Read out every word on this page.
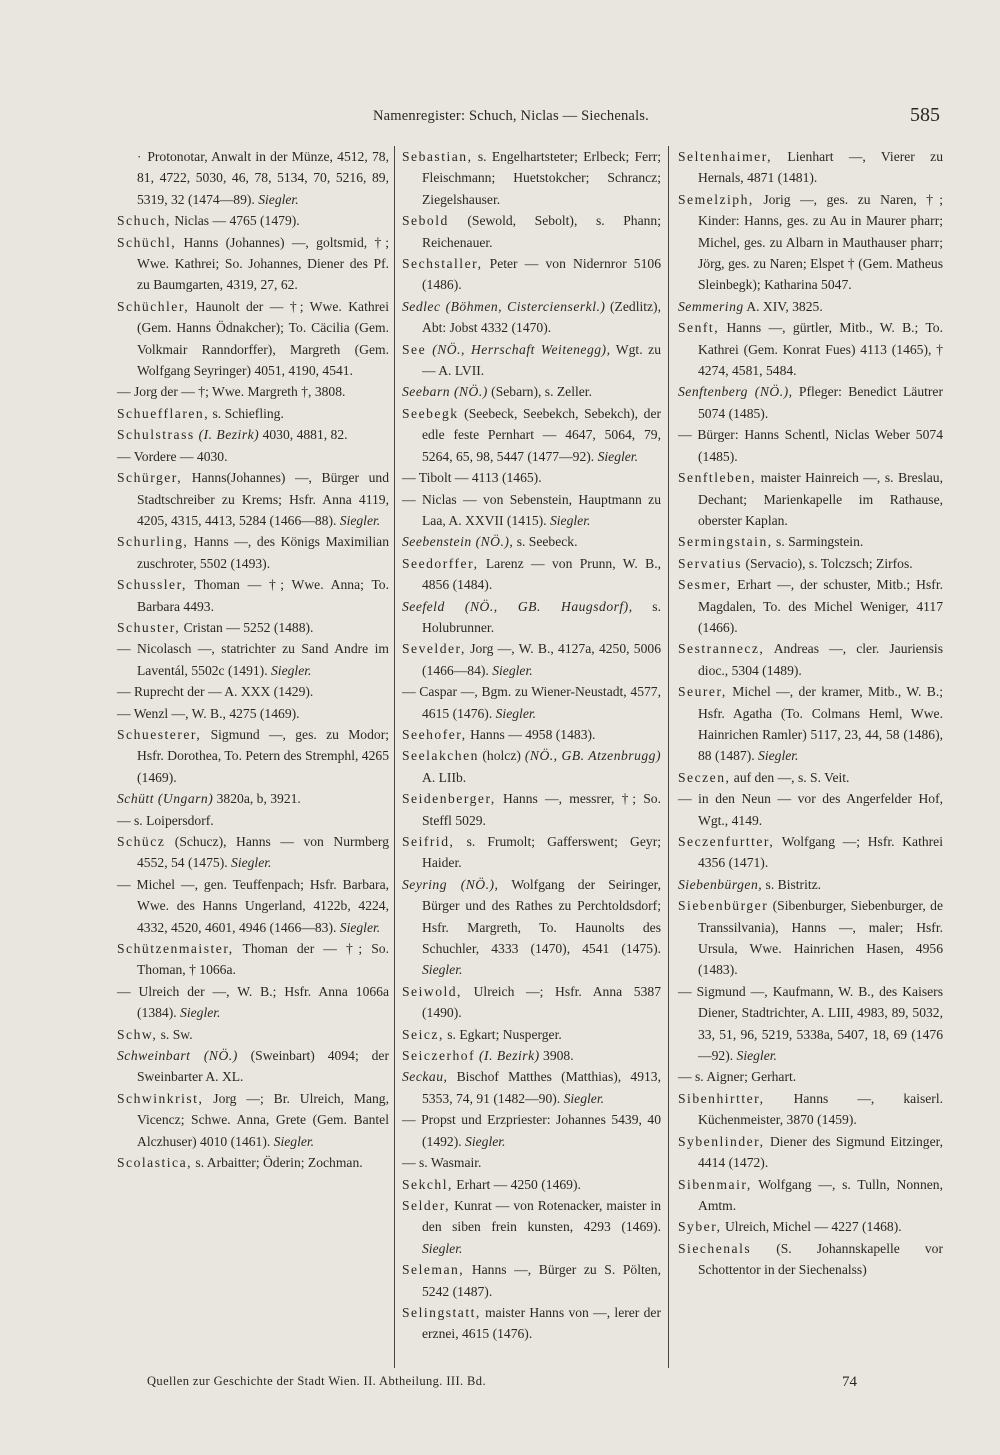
Namenregister: Schuch, Niclas — Siechenals.	585
· Protonotar, Anwalt in der Münze, 4512, 78, 81, 4722, 5030, 46, 78, 5134, 70, 5216, 89, 5319, 32 (1474—89). Siegler.
Schuch, Niclas — 4765 (1479).
Schüchl, Hanns (Johannes) —, goltsmid, †; Wwe. Kathrei; So. Johannes, Diener des Pf. zu Baumgarten, 4319, 27, 62.
Schüchler, Haunolt der — †; Wwe. Kathrei (Gem. Hanns Ödnakcher); To. Cäcilia (Gem. Volkmair Ranndorffer), Margreth (Gem. Wolfgang Seyringer) 4051, 4190, 4541.
— Jorg der — †; Wwe. Margreth †, 3808.
Schuefflaren, s. Schiefling.
Schulstrass (I. Bezirk) 4030, 4881, 82.
— Vordere — 4030.
Schürger, Hanns(Johannes) —, Bürger und Stadtschreiber zu Krems; Hsfr. Anna 4119, 4205, 4315, 4413, 5284 (1466—88). Siegler.
Schurling, Hanns —, des Königs Maximilian zuschroter, 5502 (1493).
Schussler, Thoman — †; Wwe. Anna; To. Barbara 4493.
Schuster, Cristan — 5252 (1488).
— Nicolasch —, statrichter zu Sand Andre im Laventál, 5502c (1491). Siegler.
— Ruprecht der — A. XXX (1429).
— Wenzl —, W. B., 4275 (1469).
Schuesterer, Sigmund —, ges. zu Modor; Hsfr. Dorothea, To. Petern des Stremphl, 4265 (1469).
Schütt (Ungarn) 3820a, b, 3921.
— s. Loipersdorf.
Schücz (Schucz), Hanns — von Nurmberg 4552, 54 (1475). Siegler.
— Michel —, gen. Teuffenpach; Hsfr. Barbara, Wwe. des Hanns Ungerland, 4122b, 4224, 4332, 4520, 4601, 4946 (1466—83). Siegler.
Schützenmaister, Thoman der — †; So. Thoman, † 1066a.
— Ulreich der —, W. B.; Hsfr. Anna 1066a (1384). Siegler.
Schw, s. Sw.
Schweinbart (NÖ.) (Sweinbart) 4094; der Sweinbarter A. XL.
Schwinkrist, Jorg —; Br. Ulreich, Mang, Vicencz; Schwe. Anna, Grete (Gem. Bantel Alczhuser) 4010 (1461). Siegler.
Scolastica, s. Arbaitter; Öderin; Zochman.
Sebastian, s. Engelhartsteter; Erlbeck; Ferr; Fleischmann; Huetstokcher; Schrancz; Ziegelshauser.
Sebold (Sewold, Sebolt), s. Phann; Reichenauer.
Sechstaller, Peter — von Nidernror 5106 (1486).
Sedlec (Böhmen, Cistercienserkl.) (Zedlitz), Abt: Jobst 4332 (1470).
See (NÖ., Herrschaft Weitenegg), Wgt. zu — A. LVII.
Seebarn (NÖ.) (Sebarn), s. Zeller.
Seebegk (Seebeck, Seebekch, Sebekch), der edle feste Pernhart — 4647, 5064, 79, 5264, 65, 98, 5447 (1477—92). Siegler.
— Tibolt — 4113 (1465).
— Niclas — von Sebenstein, Hauptmann zu Laa, A. XXVII (1415). Siegler.
Seebenstein (NÖ.), s. Seebeck.
Seedorffer, Larenz — von Prunn, W. B., 4856 (1484).
Seefeld (NÖ., GB. Haugsdorf), s. Holubrunner.
Sevelder, Jorg —, W. B., 4127a, 4250, 5006 (1466—84). Siegler.
— Caspar —, Bgm. zu Wiener-Neustadt, 4577, 4615 (1476). Siegler.
Seehofer, Hanns — 4958 (1483).
Seelakchen (holcz) (NÖ., GB. Atzenbrugg) A. LIIb.
Seidenberger, Hanns —, messrer, †; So. Steffl 5029.
Seifrid, s. Frumolt; Gafferswent; Geyr; Haider.
Seyring (NÖ.), Wolfgang der Seiringer, Bürger und des Rathes zu Perchtoldsdorf; Hsfr. Margreth, To. Haunolts des Schuchler, 4333 (1470), 4541 (1475). Siegler.
Seiwold, Ulreich —; Hsfr. Anna 5387 (1490).
Seicz, s. Egkart; Nusperger.
Seiczerhof (I. Bezirk) 3908.
Seckau, Bischof Matthes (Matthias), 4913, 5353, 74, 91 (1482—90). Siegler.
— Propst und Erzpriester: Johannes 5439, 40 (1492). Siegler.
— s. Wasmair.
Sekchl, Erhart — 4250 (1469).
Selder, Kunrat — von Rotenacker, maister in den siben frein kunsten, 4293 (1469). Siegler.
Seleman, Hanns —, Bürger zu S. Pölten, 5242 (1487).
Selingstatt, maister Hanns von —, lerer der erznei, 4615 (1476).
Seltenhaimer, Lienhart —, Vierer zu Hernals, 4871 (1481).
Semelziph, Jorig —, ges. zu Naren, †; Kinder: Hanns, ges. zu Au in Maurer pharr; Michel, ges. zu Albarn in Mauthauser pharr; Jörg, ges. zu Naren; Elspet † (Gem. Matheus Sleinbegk); Katharina 5047.
Semmering A. XIV, 3825.
Senft, Hanns —, gürtler, Mitb., W. B.; To. Kathrei (Gem. Konrat Fues) 4113 (1465), † 4274, 4581, 5484.
Senftenberg (NÖ.), Pfleger: Benedict Läutrer 5074 (1485).
— Bürger: Hanns Schentl, Niclas Weber 5074 (1485).
Senftleben, maister Hainreich —, s. Breslau, Dechant; Marienkapelle im Rathause, oberster Kaplan.
Sermingstain, s. Sarmingstein.
Servatius (Servacio), s. Tolczsch; Zirfos.
Sesmer, Erhart —, der schuster, Mitb.; Hsfr. Magdalen, To. des Michel Weniger, 4117 (1466).
Sestrannecz, Andreas —, cler. Jauriensis dioc., 5304 (1489).
Seurer, Michel —, der kramer, Mitb., W. B.; Hsfr. Agatha (To. Colmans Heml, Wwe. Hainrichen Ramler) 5117, 23, 44, 58 (1486), 88 (1487). Siegler.
Seczen, auf den —, s. S. Veit.
— in den Neun — vor des Angerfelder Hof, Wgt., 4149.
Seczenfurtter, Wolfgang —; Hsfr. Kathrei 4356 (1471).
Siebenbürgen, s. Bistritz.
Siebenbürger (Sibenburger, Siebenburger, de Transsilvania), Hanns —, maler; Hsfr. Ursula, Wwe. Hainrichen Hasen, 4956 (1483).
— Sigmund —, Kaufmann, W. B., des Kaisers Diener, Stadtrichter, A. LIII, 4983, 89, 5032, 33, 51, 96, 5219, 5338a, 5407, 18, 69 (1476—92). Siegler.
— s. Aigner; Gerhart.
Sibenhirtter, Hanns —, kaiserl. Küchenmeister, 3870 (1459).
Sybenlinder, Diener des Sigmund Eitzinger, 4414 (1472).
Sibenmair, Wolfgang —, s. Tulln, Nonnen, Amtm.
Syber, Ulreich, Michel — 4227 (1468).
Siechenals (S. Johannskapelle vor Schottentor in der Siechenalss)
Quellen zur Geschichte der Stadt Wien. II. Abtheilung. III. Bd.	74
